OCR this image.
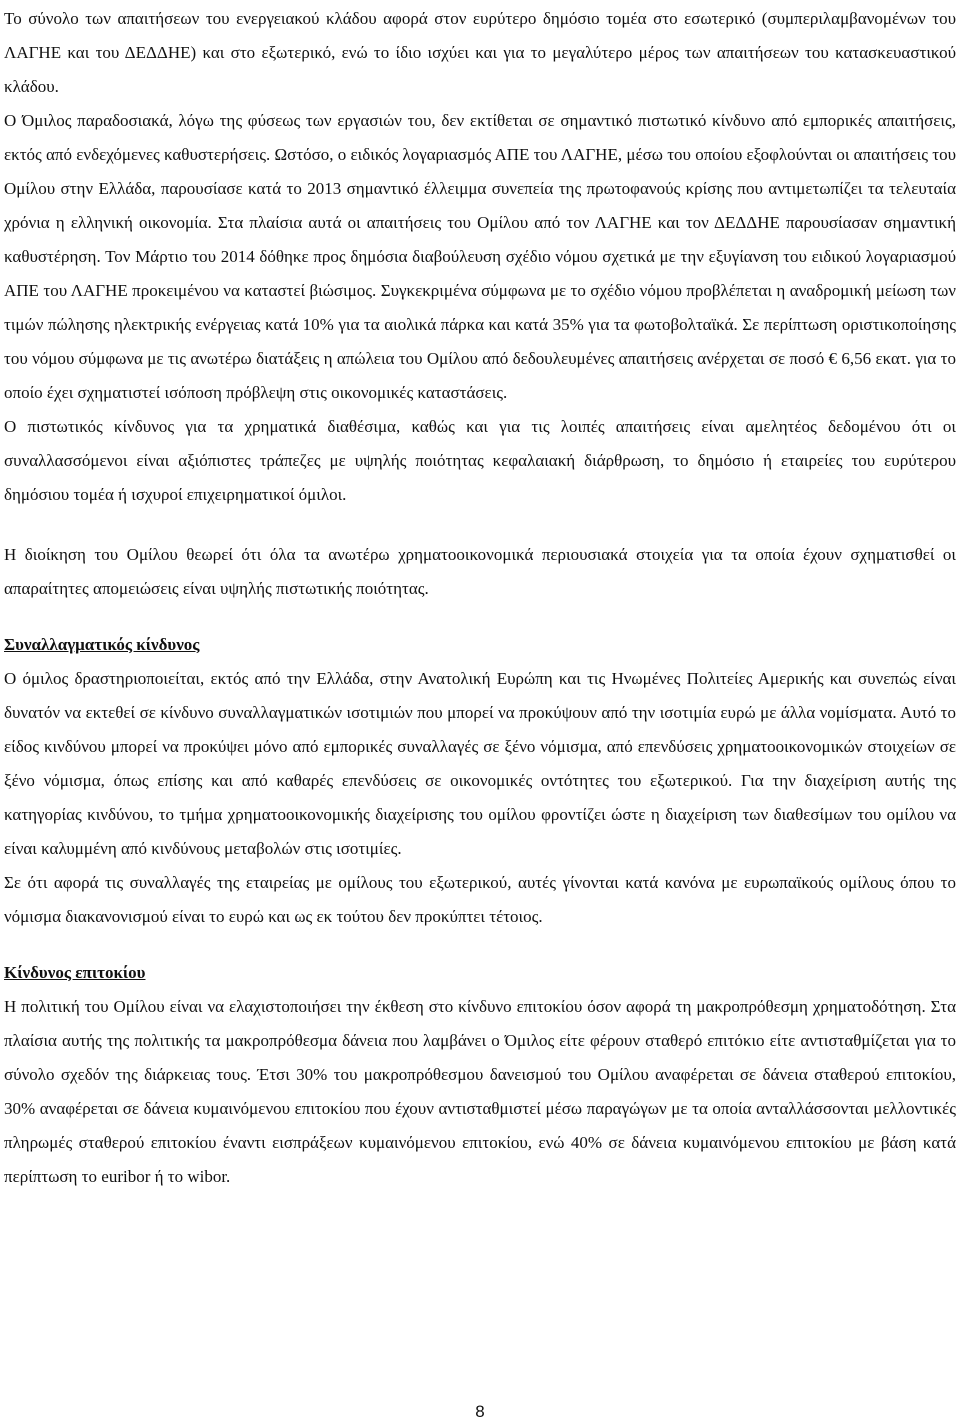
Το σύνολο των απαιτήσεων του ενεργειακού κλάδου αφορά στον ευρύτερο δημόσιο τομέα στο εσωτερικό (συμπεριλαμβανομένων του ΛΑΓΗΕ και του ΔΕΔΔΗΕ) και στο εξωτερικό, ενώ το ίδιο ισχύει και για το μεγαλύτερο μέρος των απαιτήσεων του κατασκευαστικού κλάδου.

Ο Όμιλος παραδοσιακά, λόγω της φύσεως των εργασιών του, δεν εκτίθεται σε σημαντικό πιστωτικό κίνδυνο από εμπορικές απαιτήσεις, εκτός από ενδεχόμενες καθυστερήσεις. Ωστόσο, ο ειδικός λογαριασμός ΑΠΕ του ΛΑΓΗΕ, μέσω του οποίου εξοφλούνται οι απαιτήσεις του Ομίλου στην Ελλάδα, παρουσίασε κατά το 2013 σημαντικό έλλειμμα συνεπεία της πρωτοφανούς κρίσης που αντιμετωπίζει τα τελευταία χρόνια η ελληνική οικονομία. Στα πλαίσια αυτά οι απαιτήσεις του Ομίλου από τον ΛΑΓΗΕ και τον ΔΕΔΔΗΕ παρουσίασαν σημαντική καθυστέρηση. Τον Μάρτιο του 2014 δόθηκε προς δημόσια διαβούλευση σχέδιο νόμου σχετικά με την εξυγίανση του ειδικού λογαριασμού ΑΠΕ του ΛΑΓΗΕ προκειμένου να καταστεί βιώσιμος. Συγκεκριμένα σύμφωνα με το σχέδιο νόμου προβλέπεται η αναδρομική μείωση των τιμών πώλησης ηλεκτρικής ενέργειας κατά 10% για τα αιολικά πάρκα και κατά 35% για τα φωτοβολταϊκά. Σε περίπτωση οριστικοποίησης του νόμου σύμφωνα με τις ανωτέρω διατάξεις η απώλεια του Ομίλου από δεδουλευμένες απαιτήσεις ανέρχεται σε ποσό € 6,56 εκατ. για το οποίο έχει σχηματιστεί ισόποση πρόβλεψη στις οικονομικές καταστάσεις.

Ο πιστωτικός κίνδυνος για τα χρηματικά διαθέσιμα, καθώς και για τις λοιπές απαιτήσεις είναι αμελητέος δεδομένου ότι οι συναλλασσόμενοι είναι αξιόπιστες τράπεζες με υψηλής ποιότητας κεφαλαιακή διάρθρωση, το δημόσιο ή εταιρείες του ευρύτερου δημόσιου τομέα ή ισχυροί επιχειρηματικοί όμιλοι.

Η διοίκηση του Ομίλου θεωρεί ότι όλα τα ανωτέρω χρηματοοικονομικά περιουσιακά στοιχεία για τα οποία έχουν σχηματισθεί οι απαραίτητες απομειώσεις είναι υψηλής πιστωτικής ποιότητας.

Συναλλαγματικός κίνδυνος

Ο όμιλος δραστηριοποιείται, εκτός από την Ελλάδα, στην Ανατολική Ευρώπη και τις Ηνωμένες Πολιτείες Αμερικής και συνεπώς είναι δυνατόν να εκτεθεί σε κίνδυνο συναλλαγματικών ισοτιμιών που μπορεί να προκύψουν από την ισοτιμία ευρώ με άλλα νομίσματα. Αυτό το είδος κινδύνου μπορεί να προκύψει μόνο από εμπορικές συναλλαγές σε ξένο νόμισμα, από επενδύσεις χρηματοοικονομικών στοιχείων σε ξένο νόμισμα, όπως επίσης και από καθαρές επενδύσεις σε οικονομικές οντότητες του εξωτερικού. Για την διαχείριση αυτής της κατηγορίας κινδύνου, το τμήμα χρηματοοικονομικής διαχείρισης του ομίλου φροντίζει ώστε η διαχείριση των διαθεσίμων του ομίλου να είναι καλυμμένη από κινδύνους μεταβολών στις ισοτιμίες.

Σε ότι αφορά τις συναλλαγές της εταιρείας με ομίλους του εξωτερικού, αυτές γίνονται κατά κανόνα με ευρωπαϊκούς ομίλους όπου το νόμισμα διακανονισμού είναι το ευρώ και ως εκ τούτου δεν προκύπτει τέτοιος.

Κίνδυνος επιτοκίου

Η πολιτική του Ομίλου είναι να ελαχιστοποιήσει την έκθεση στο κίνδυνο επιτοκίου όσον αφορά τη μακροπρόθεσμη χρηματοδότηση. Στα πλαίσια αυτής της πολιτικής τα μακροπρόθεσμα δάνεια που λαμβάνει ο Όμιλος είτε φέρουν σταθερό επιτόκιο είτε αντισταθμίζεται για το σύνολο σχεδόν της διάρκειας τους. Έτσι 30% του μακροπρόθεσμου δανεισμού του Ομίλου αναφέρεται σε δάνεια σταθερού επιτοκίου, 30% αναφέρεται σε δάνεια κυμαινόμενου επιτοκίου που έχουν αντισταθμιστεί μέσω παραγώγων με τα οποία ανταλλάσσονται μελλοντικές πληρωμές σταθερού επιτοκίου έναντι εισπράξεων κυμαινόμενου επιτοκίου, ενώ 40% σε δάνεια κυμαινόμενου επιτοκίου με βάση κατά περίπτωση το euribor ή το wibor.

8
